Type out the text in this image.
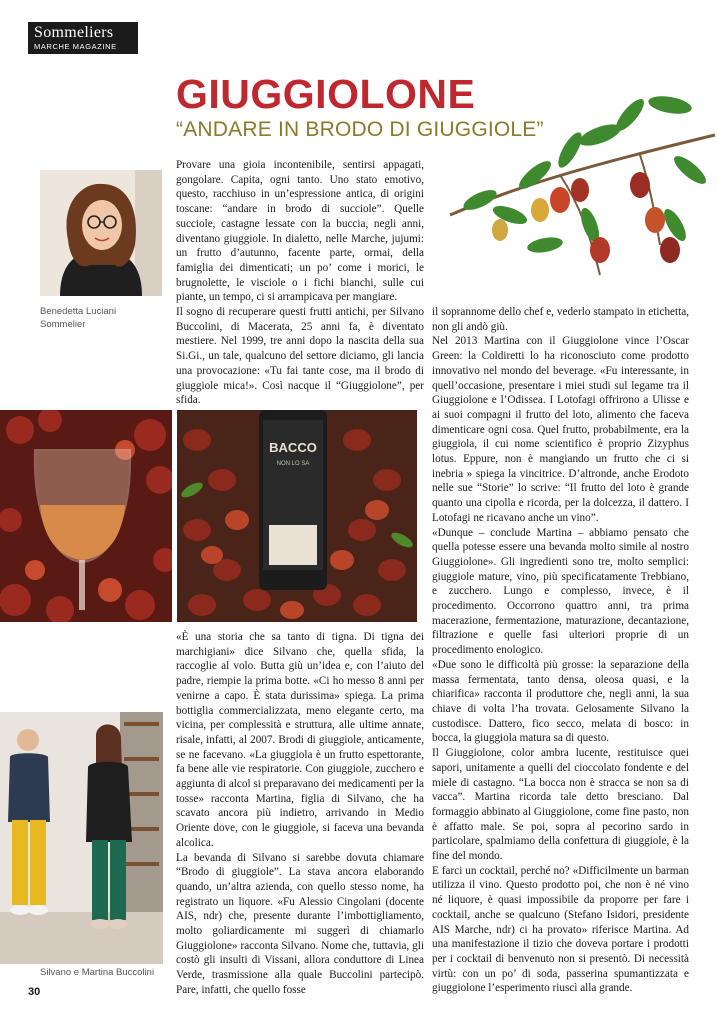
Sommeliers
MARCHE MAGAZINE
GIUGGIOLONE
“ANDARE IN BRODO DI GIUGGIOLE”
Benedetta Luciani
Sommelier

Provare una gioia incontenibile, sentirsi appagati, gongolare. Capita, ogni tanto. Uno stato emotivo, questo, racchiuso in un’espressione antica, di origini toscane: “andare in brodo di succiole”. Quelle succiole, castagne lessate con la buccia, negli anni, diventano giuggiole. In dialetto, nelle Marche, jujumi: un frutto d’autunno, facente parte, ormai, della famiglia dei dimenticati; un po’ come i morici, le brugnolette, le visciole o i fichi bianchi, sulle cui piante, un tempo, ci si arrampicava per mangiare.

Il sogno di recuperare questi frutti antichi, per Silvano Buccolini, di Macerata, 25 anni fa, è diventato mestiere. Nel 1999, tre anni dopo la nascita della sua Si.Gi., un tale, qualcuno del settore diciamo, gli lancia una provocazione: «Tu fai tante cose, ma il brodo di giuggiole mica!». Così nacque il “Giuggiolone”, per sfida.

BACCO
NON LO SA
Silvano e Martina Buccolini

«È una storia che sa tanto di tigna. Di tigna dei marchigiani» dice Silvano che, quella sfida, la raccoglie al volo. Butta giù un’idea e, con l’aiuto del padre, riempie la prima botte. «Ci ho messo 8 anni per venirne a capo. È stata durissima» spiega. La prima bottiglia commercializzata, meno elegante certo, ma vicina, per complessità e struttura, alle ultime annate, risale, infatti, al 2007. Brodi di giuggiole, anticamente, se ne facevano. «La giuggiola è un frutto espettorante, fa bene alle vie respiratorie. Con giuggiole, zucchero e aggiunta di alcol si preparavano dei medicamenti per la tosse» racconta Martina, figlia di Silvano, che ha scavato ancora più indietro, arrivando in Medio Oriente dove, con le giuggiole, si faceva una bevanda alcolica.

La bevanda di Silvano si sarebbe dovuta chiamare “Brodo di giuggiole”. La stava ancora elaborando quando, un’altra azienda, con quello stesso nome, ha registrato un liquore. «Fu Alessio Cingolani (docente AIS, ndr) che, presente durante l’imbottigliamento, molto goliardicamente mi suggerì di chiamarlo Giuggiolone» racconta Silvano. Nome che, tuttavia, gli costò gli insulti di Vissani, allora conduttore di Linea Verde, trasmissione alla quale Buccolini partecipò. Pare, infatti, che quello fosse

il soprannome dello chef e, vederlo stampato in etichetta, non gli andò giù.

Nel 2013 Martina con il Giuggiolone vince l’Oscar Green: la Coldiretti lo ha riconosciuto come prodotto innovativo nel mondo del beverage. «Fu interessante, in quell’occasione, presentare i miei studi sul legame tra il Giuggiolone e l’Odissea. I Lotofagi offrirono a Ulisse e ai suoi compagni il frutto del loto, alimento che faceva dimenticare ogni cosa. Quel frutto, probabilmente, era la giuggiola, il cui nome scientifico è proprio Zizyphus lotus. Eppure, non è mangiando un frutto che ci si inebria » spiega la vincitrice. D’altronde, anche Erodoto nelle sue “Storie” lo scrive: “Il frutto del loto è grande quanto una cipolla e ricorda, per la dolcezza, il dattero. I Lotofagi ne ricavano anche un vino”.

«Dunque – conclude Martina – abbiamo pensato che quella potesse essere una bevanda molto simile al nostro Giuggiolone». Gli ingredienti sono tre, molto semplici: giuggiole mature, vino, più specificatamente Trebbiano, e zucchero. Lungo e complesso, invece, è il procedimento. Occorrono quattro anni, tra prima macerazione, fermentazione, maturazione, decantazione, filtrazione e quelle fasi ulteriori proprie di un procedimento enologico.

«Due sono le difficoltà più grosse: la separazione della massa fermentata, tanto densa, oleosa quasi, e la chiarifica» racconta il produttore che, negli anni, la sua chiave di volta l’ha trovata. Gelosamente Silvano la custodisce. Dattero, fico secco, melata di bosco: in bocca, la giuggiola matura sa di questo.

Il Giuggiolone, color ambra lucente, restituisce quei sapori, unitamente a quelli del cioccolato fondente e del miele di castagno. “La bocca non è stracca se non sa di vacca”. Martina ricorda tale detto bresciano. Dal formaggio abbinato al Giuggiolone, come fine pasto, non è affatto male. Se poi, sopra al pecorino sardo in particolare, spalmiamo della confettura di giuggiole, è la fine del mondo.

E farci un cocktail, perché no? «Difficilmente un barman utilizza il vino. Questo prodotto poi, che non è né vino né liquore, è quasi impossibile da proporre per fare i cocktail, anche se qualcuno (Stefano Isidori, presidente AIS Marche, ndr) ci ha provato» riferisce Martina. Ad una manifestazione il tizio che doveva portare i prodotti per i cocktail di benvenuto non si presentò. Di necessità virtù: con un po’ di soda, passerina spumantizzata e giuggiolone l’esperimento riuscì alla grande.

30
